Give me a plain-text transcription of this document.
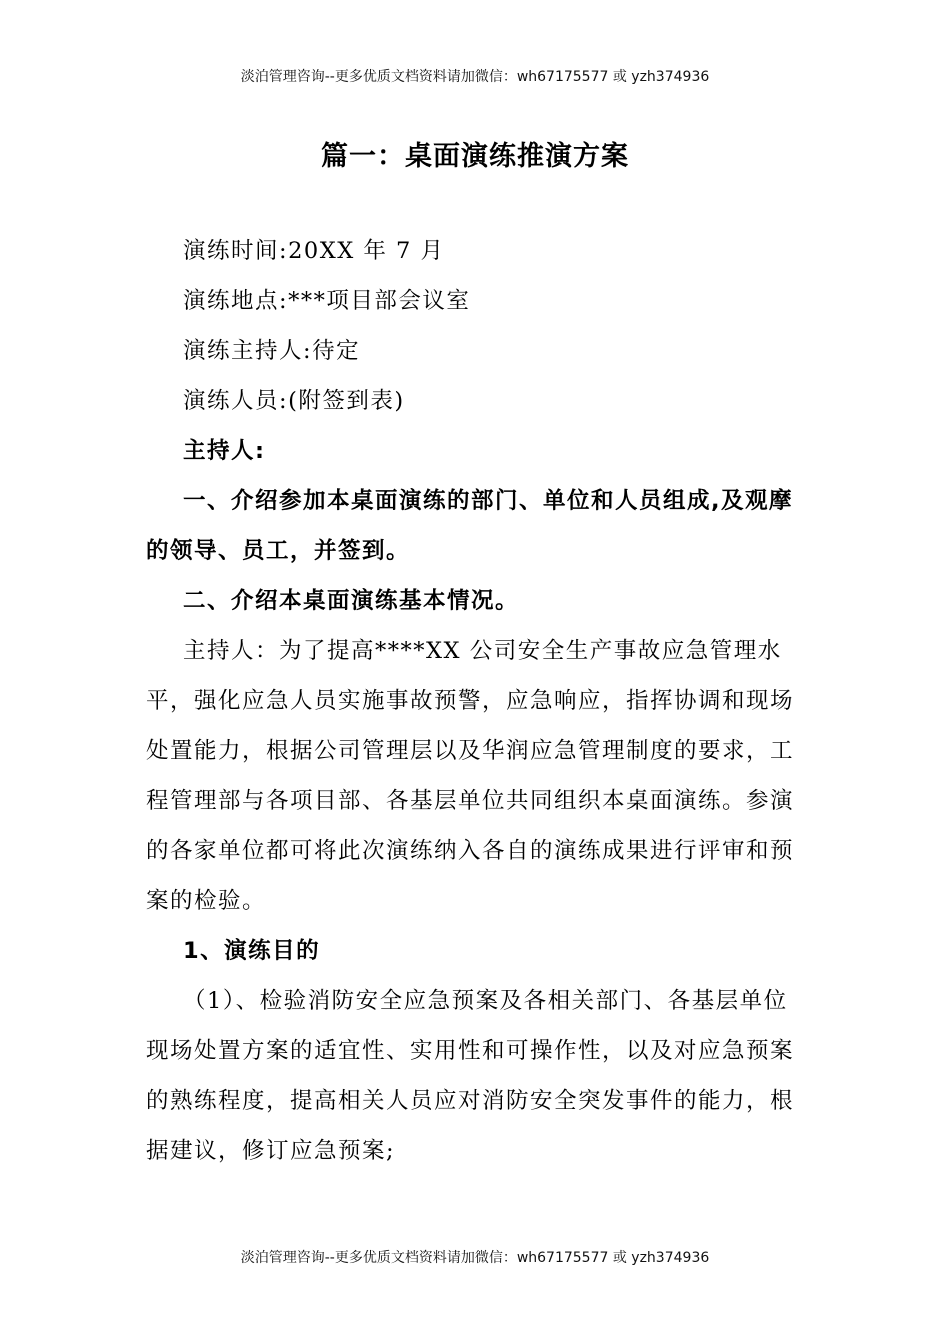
淡泊管理咨询--更多优质文档资料请加微信：wh67175577 或 yzh374936
篇一：桌面演练推演方案

演练时间:20XX 年 7 月

演练地点:***项目部会议室

演练主持人:待定

演练人员:(附签到表)

主持人:

一、介绍参加本桌面演练的部门、单位和人员组成,及观摩的领导、员工，并签到。

二、介绍本桌面演练基本情况。

主持人：为了提高****XX 公司安全生产事故应急管理水平，强化应急人员实施事故预警，应急响应，指挥协调和现场处置能力，根据公司管理层以及华润应急管理制度的要求，工程管理部与各项目部、各基层单位共同组织本桌面演练。参演的各家单位都可将此次演练纳入各自的演练成果进行评审和预案的检验。

1、演练目的

（1）、检验消防安全应急预案及各相关部门、各基层单位现场处置方案的适宜性、实用性和可操作性，以及对应急预案的熟练程度，提高相关人员应对消防安全突发事件的能力，根据建议，修订应急预案;

淡泊管理咨询--更多优质文档资料请加微信：wh67175577 或 yzh374936
